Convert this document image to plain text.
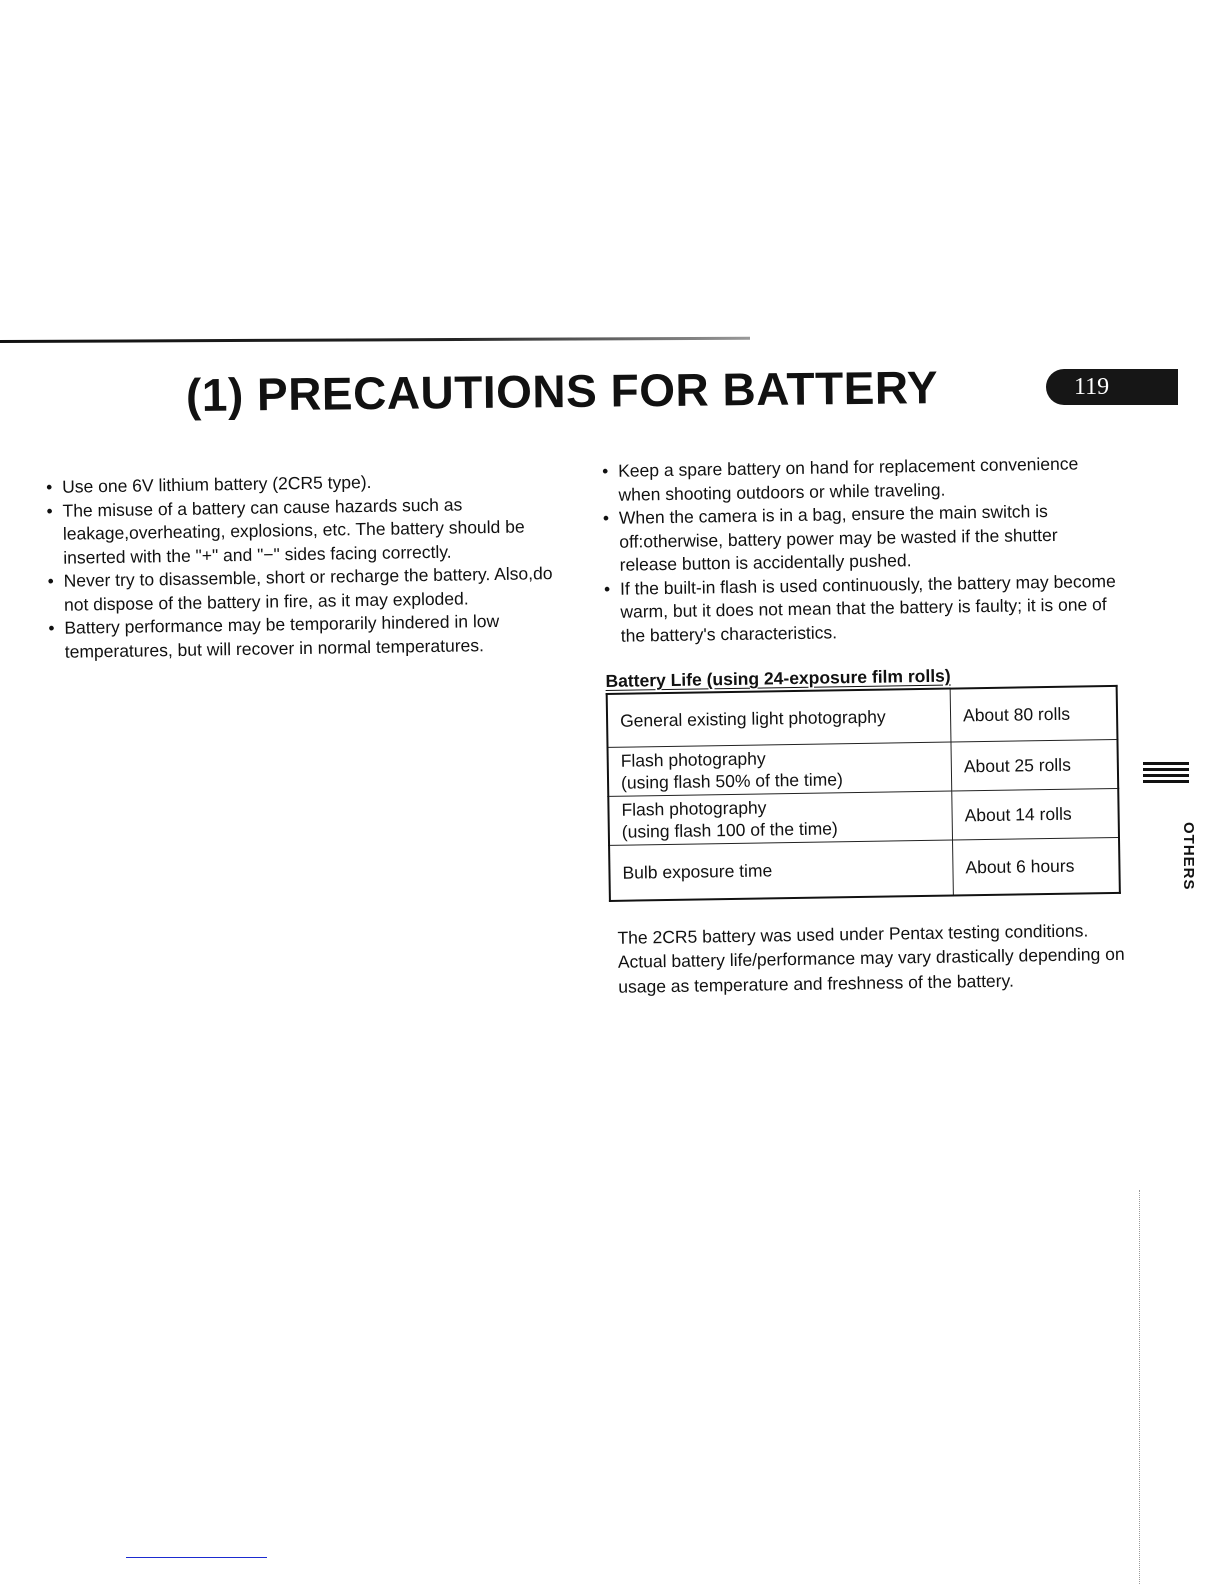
(1) PRECAUTIONS FOR BATTERY	119
• Use one 6V lithium battery (2CR5 type).
• The misuse of a battery can cause hazards such as leakage,overheating, explosions, etc. The battery should be inserted with the "+" and "−" sides facing correctly.
• Never try to disassemble, short or recharge the battery. Also,do not dispose of the battery in fire, as it may exploded.
• Battery performance may be temporarily hindered in low temperatures, but will recover in normal temperatures.
• Keep a spare battery on hand for replacement convenience when shooting outdoors or while traveling.
• When the camera is in a bag, ensure the main switch is off:otherwise, battery power may be wasted if the shutter release button is accidentally pushed.
• If the built-in flash is used continuously, the battery may become warm, but it does not mean that the battery is faulty; it is one of the battery's characteristics.
Battery Life (using 24-exposure film rolls)
General existing light photography	About 80 rolls

Flash photography
(using flash 50% of the time)	About 25 rolls

Flash photography
(using flash 100 of the time)	About 14 rolls

Bulb exposure time	About 6 hours

The 2CR5 battery was used under Pentax testing conditions. Actual battery life/performance may vary drastically depending on usage as temperature and freshness of the battery.

OTHERS
